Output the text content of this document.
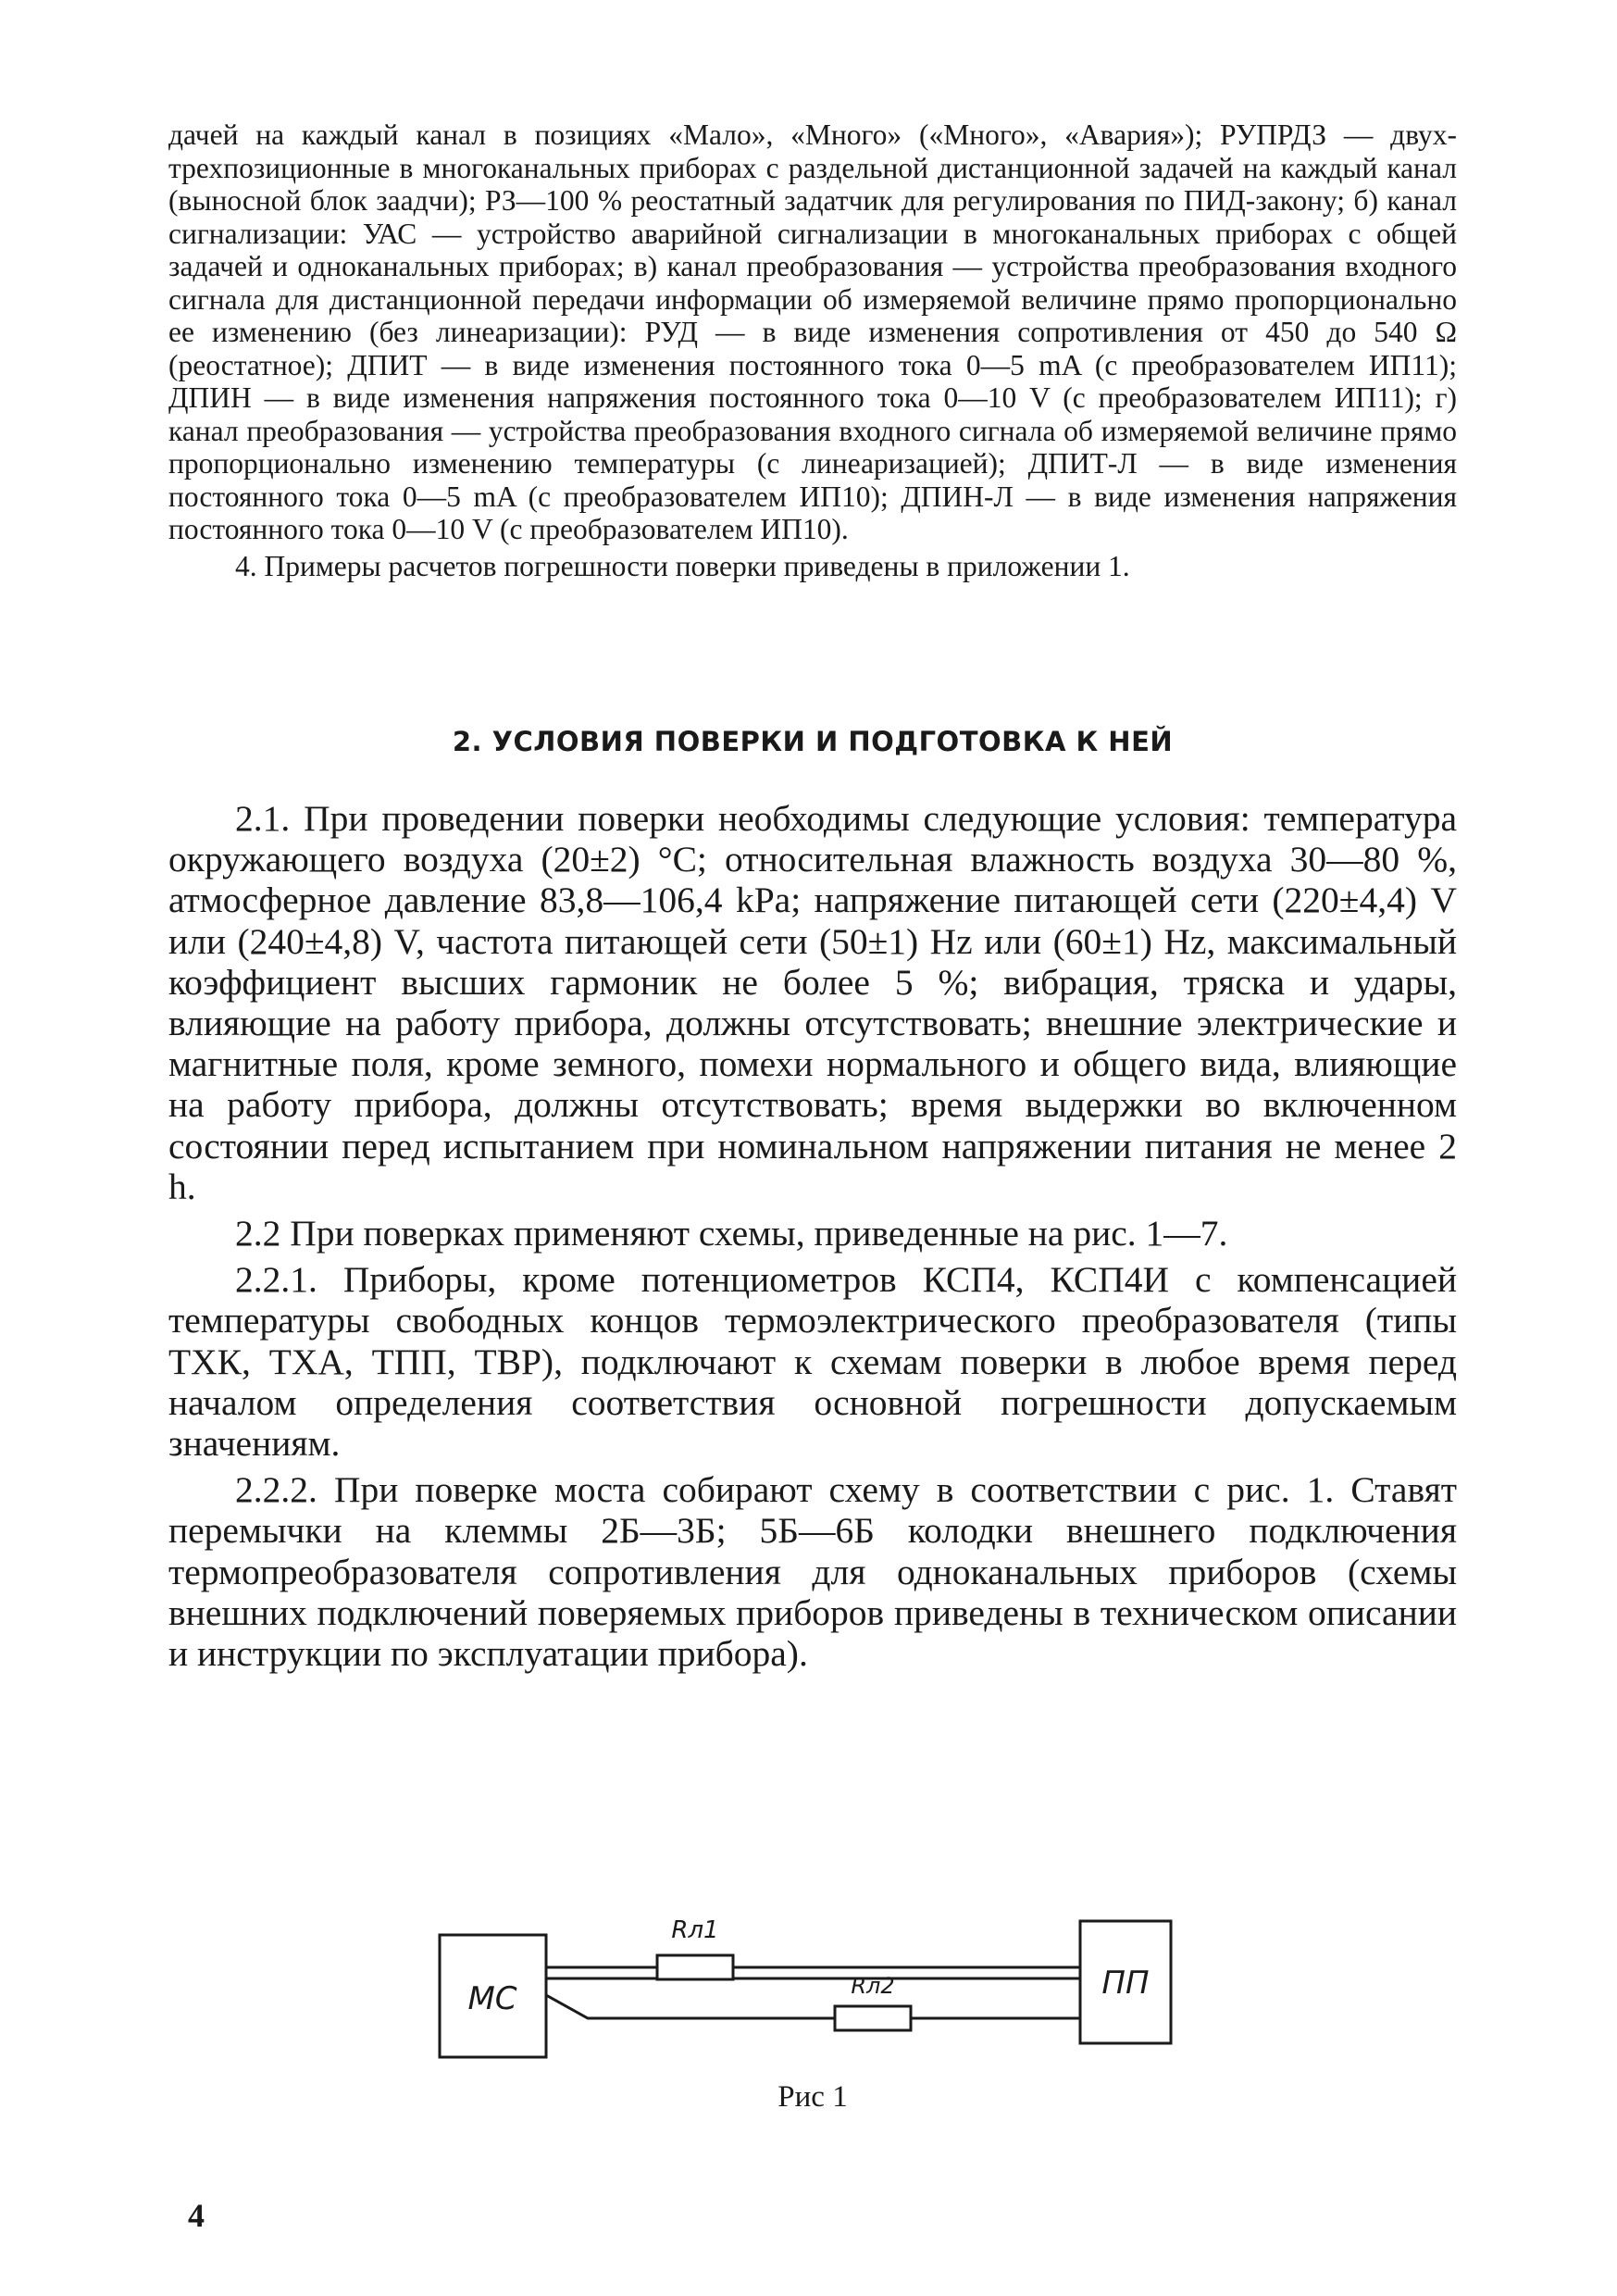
дачей на каждый канал в позициях «Мало», «Много» («Много», «Авария»); РУПРДЗ — двух-трехпозиционные в многоканальных приборах с раздельной дистанционной задачей на каждый канал (выносной блок заадчи); РЗ—100 % реостатный задатчик для регулирования по ПИД-закону; б) канал сигнализации: УАС — устройство аварийной сигнализации в многоканальных приборах с общей задачей и одноканальных приборах; в) канал преобразования — устройства преобразования входного сигнала для дистанционной передачи информации об измеряемой величине прямо пропорционально ее изменению (без линеаризации): РУД — в виде изменения сопротивления от 450 до 540 Ω (реостатное); ДПИТ — в виде изменения постоянного тока 0—5 mA (с преобразователем ИП11); ДПИН — в виде изменения напряжения постоянного тока 0—10 V (с преобразователем ИП11); г) канал преобразования — устройства преобразования входного сигнала об измеряемой величине прямо пропорционально изменению температуры (с линеаризацией); ДПИТ-Л — в виде изменения постоянного тока 0—5 mA (с преобразователем ИП10); ДПИН-Л — в виде изменения напряжения постоянного тока 0—10 V (с преобразователем ИП10).

4. Примеры расчетов погрешности поверки приведены в приложении 1.

2. УСЛОВИЯ ПОВЕРКИ И ПОДГОТОВКА К НЕЙ

2.1. При проведении поверки необходимы следующие условия: температура окружающего воздуха (20±2) °C; относительная влажность воздуха 30—80 %, атмосферное давление 83,8—106,4 kPa; напряжение питающей сети (220±4,4) V или (240±4,8) V, частота питающей сети (50±1) Hz или (60±1) Hz, максимальный коэффициент высших гармоник не более 5 %; вибрация, тряска и удары, влияющие на работу прибора, должны отсутствовать; внешние электрические и магнитные поля, кроме земного, помехи нормального и общего вида, влияющие на работу прибора, должны отсутствовать; время выдержки во включенном состоянии перед испытанием при номинальном напряжении питания не менее 2 h.

2.2 При поверках применяют схемы, приведенные на рис. 1—7.

2.2.1. Приборы, кроме потенциометров КСП4, КСП4И с компенсацией температуры свободных концов термоэлектрического преобразователя (типы ТХК, ТХА, ТПП, ТВР), подключают к схемам поверки в любое время перед началом определения соответствия основной погрешности допускаемым значениям.

2.2.2. При поверке моста собирают схему в соответствии с рис. 1. Ставят перемычки на клеммы 2Б—3Б; 5Б—6Б колодки внешнего подключения термопреобразователя сопротивления для одноканальных приборов (схемы внешних подключений поверяемых приборов приведены в техническом описании и инструкции по эксплуатации прибора).

МС	ПП
Rл1
Rл2
Рис 1
4
